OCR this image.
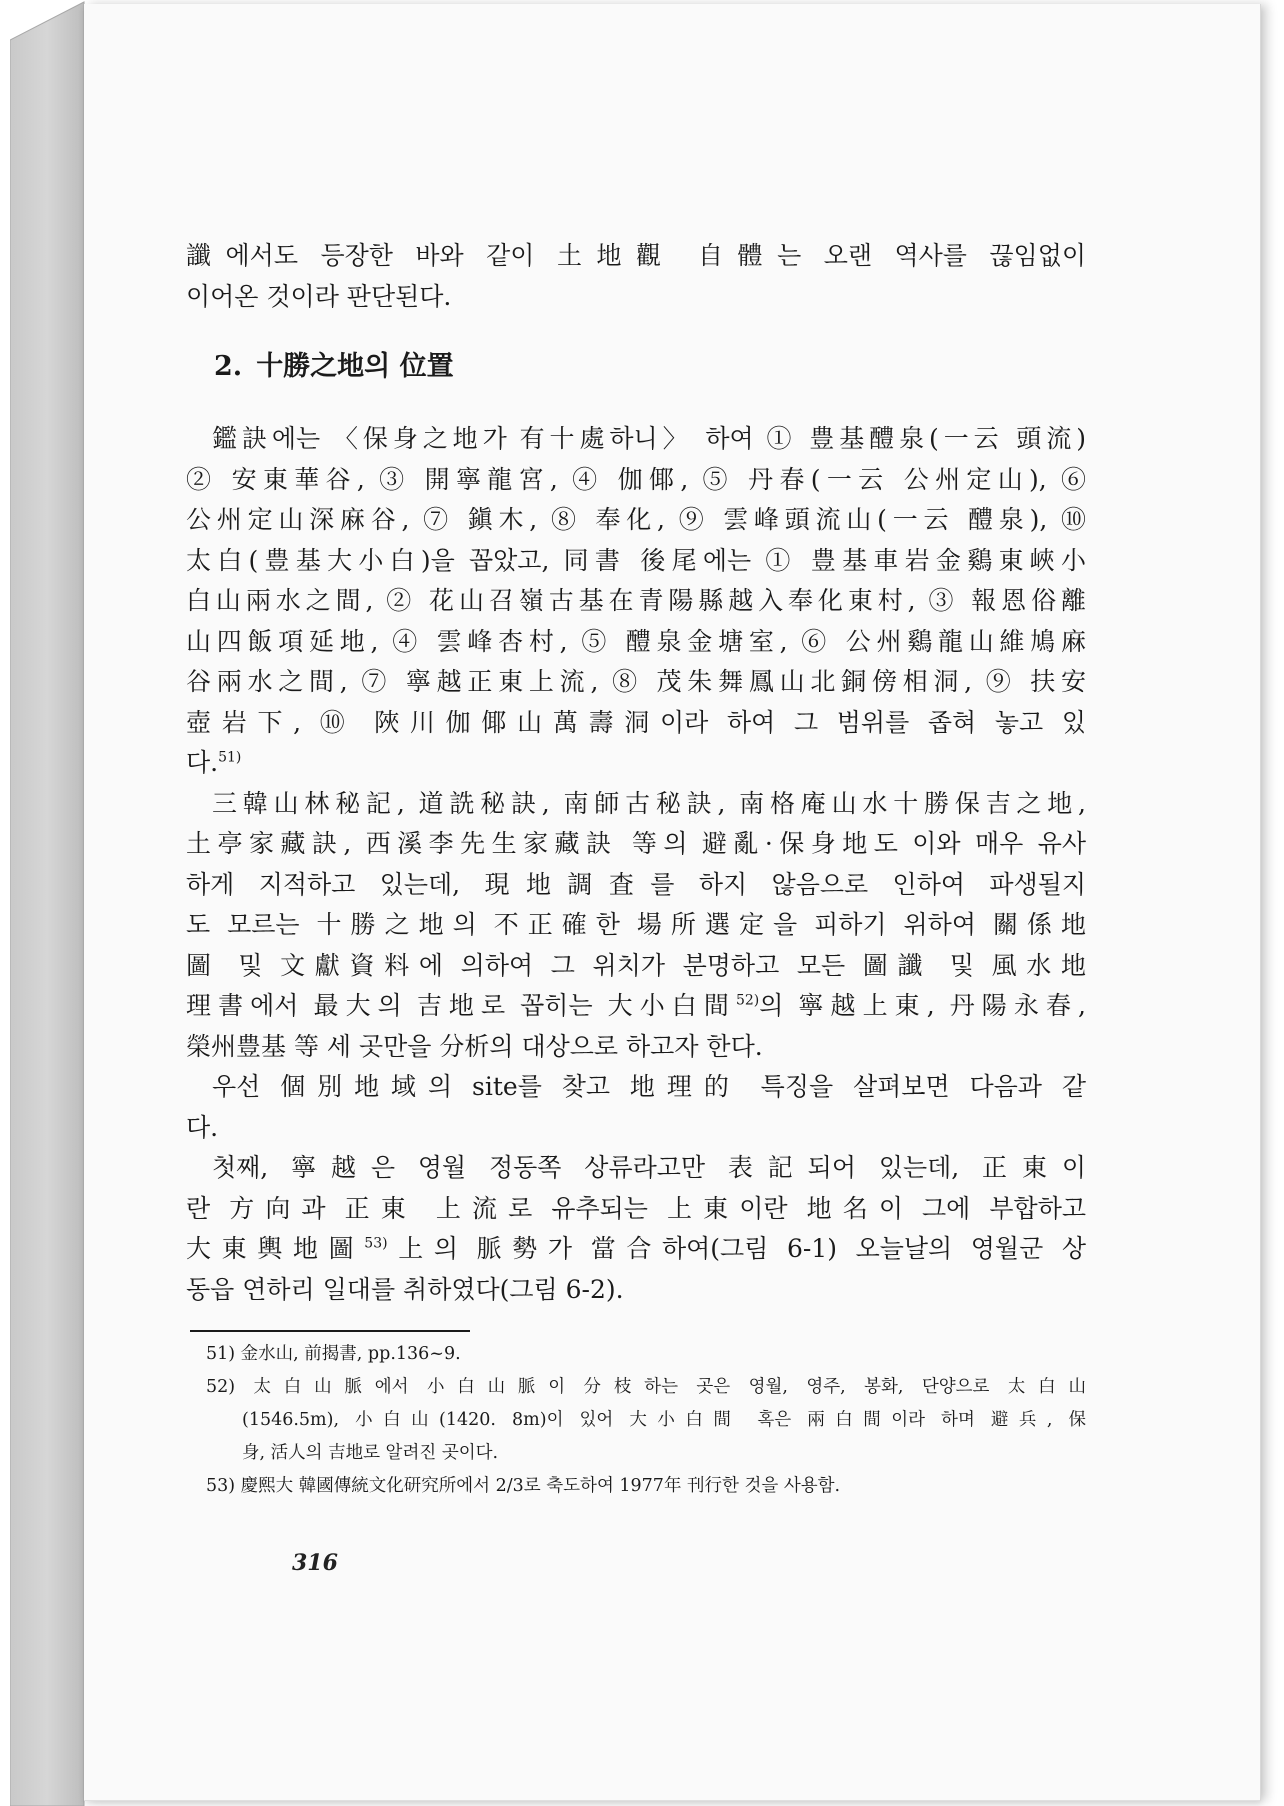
讖에서도 등장한 바와 같이 土地觀 自體는 오랜 역사를 끊임없이
이어온 것이라 판단된다.

2. 十勝之地의 位置

鑑訣에는 〈保身之地가 有十處하니〉 하여 ① 豊基醴泉(一云 頭流)
② 安東華谷, ③ 開寧龍宮, ④ 伽倻, ⑤ 丹春(一云 公州定山), ⑥
公州定山深麻谷, ⑦ 鎭木, ⑧ 奉化, ⑨ 雲峰頭流山(一云 醴泉), ⑩
太白(豊基大小白)을 꼽았고, 同書 後尾에는 ① 豊基車岩金鷄東峽小
白山兩水之間, ② 花山召嶺古基在青陽縣越入奉化東村, ③ 報恩俗離
山四飯項延地, ④ 雲峰杏村, ⑤ 醴泉金塘室, ⑥ 公州鷄龍山維鳩麻
谷兩水之間, ⑦ 寧越正東上流, ⑧ 茂朱舞鳳山北銅傍相洞, ⑨ 扶安
壺岩下, ⑩ 陜川伽倻山萬壽洞이라 하여 그 범위를 좁혀 놓고 있
다.$^{51)}$

三韓山林秘記, 道詵秘訣, 南師古秘訣, 南格庵山水十勝保吉之地,
土亭家藏訣, 西溪李先生家藏訣 等의 避亂·保身地도 이와 매우 유사
하게 지적하고 있는데, 現地調査를 하지 않음으로 인하여 파생될지
도 모르는 十勝之地의 不正確한 場所選定을 피하기 위하여 關係地
圖 및 文獻資料에 의하여 그 위치가 분명하고 모든 圖讖 및 風水地
理書에서 最大의 吉地로 꼽히는 大小白間$^{52)}$의 寧越上東, 丹陽永春,
榮州豊基 等 세 곳만을 分析의 대상으로 하고자 한다.

우선 個別地域의 site를 찾고 地理的 특징을 살펴보면 다음과 같
다.

첫째, 寧越은 영월 정동쪽 상류라고만 表記되어 있는데, 正東이
란 方向과 正東 上流로 유추되는 上東이란 地名이 그에 부합하고
大東輿地圖$^{53)}$上의 脈勢가 當合하여(그림 6-1) 오늘날의 영월군 상
동읍 연하리 일대를 취하였다(그림 6-2).

51) 金水山, 前揭書, pp.136~9.
52) 太白山脈에서 小白山脈이 分枝하는 곳은 영월, 영주, 봉화, 단양으로 太白山
(1546.5m), 小白山(1420. 8m)이 있어 大小白間 혹은 兩白間이라 하며 避兵, 保
身, 活人의 吉地로 알려진 곳이다.
53) 慶熙大 韓國傳統文化研究所에서 2/3로 축도하여 1977年 刊行한 것을 사용함.
316
